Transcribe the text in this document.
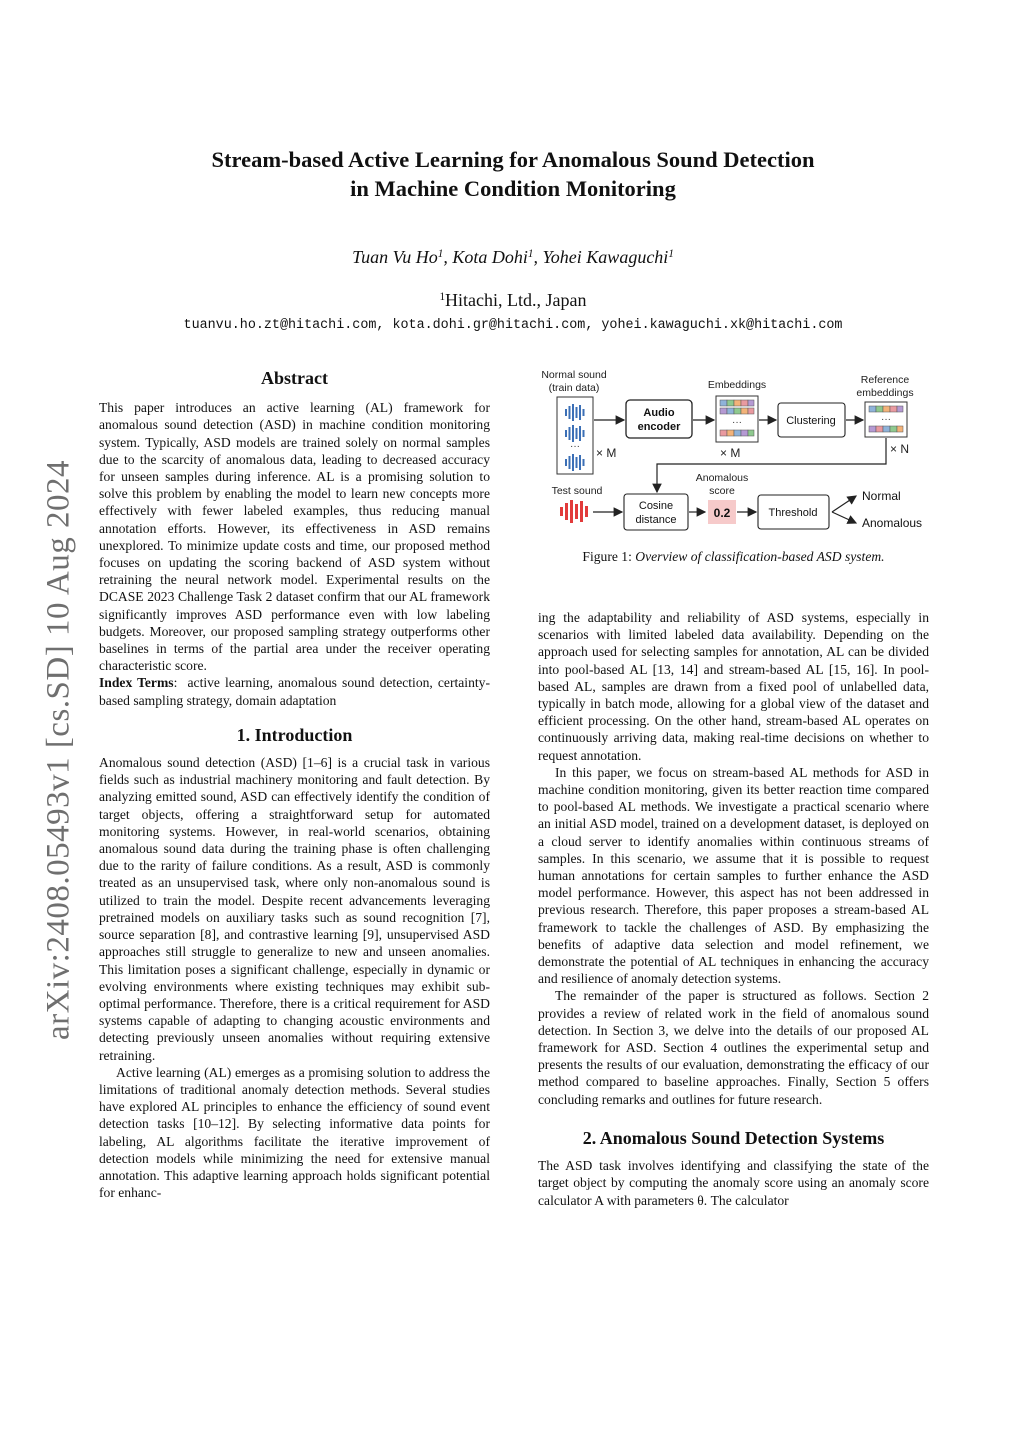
arXiv:2408.05493v1 [cs.SD] 10 Aug 2024
Stream-based Active Learning for Anomalous Sound Detection
in Machine Condition Monitoring
Tuan Vu Ho$^1$, Kota Dohi$^1$, Yohei Kawaguchi$^1$
$^1$Hitachi, Ltd., Japan
tuanvu.ho.zt@hitachi.com, kota.dohi.gr@hitachi.com, yohei.kawaguchi.xk@hitachi.com
Abstract

This paper introduces an active learning (AL) framework for anomalous sound detection (ASD) in machine condition monitoring system. Typically, ASD models are trained solely on normal samples due to the scarcity of anomalous data, leading to decreased accuracy for unseen samples during inference. AL is a promising solution to solve this problem by enabling the model to learn new concepts more effectively with fewer labeled examples, thus reducing manual annotation efforts. However, its effectiveness in ASD remains unexplored. To minimize update costs and time, our proposed method focuses on updating the scoring backend of ASD system without retraining the neural network model. Experimental results on the DCASE 2023 Challenge Task 2 dataset confirm that our AL framework significantly improves ASD performance even with low labeling budgets. Moreover, our proposed sampling strategy outperforms other baselines in terms of the partial area under the receiver operating characteristic score.

Index Terms:  active learning, anomalous sound detection, certainty-based sampling strategy, domain adaptation

1. Introduction

Anomalous sound detection (ASD) [1–6] is a crucial task in various fields such as industrial machinery monitoring and fault detection. By analyzing emitted sound, ASD can effectively identify the condition of target objects, offering a straightforward setup for automated monitoring systems. However, in real-world scenarios, obtaining anomalous sound data during the training phase is often challenging due to the rarity of failure conditions. As a result, ASD is commonly treated as an unsupervised task, where only non-anomalous sound is utilized to train the model. Despite recent advancements leveraging pretrained models on auxiliary tasks such as sound recognition [7], source separation [8], and contrastive learning [9], unsupervised ASD approaches still struggle to generalize to new and unseen anomalies. This limitation poses a significant challenge, especially in dynamic or evolving environments where existing techniques may exhibit sub-optimal performance. Therefore, there is a critical requirement for ASD systems capable of adapting to changing acoustic environments and detecting previously unseen anomalies without requiring extensive retraining.

Active learning (AL) emerges as a promising solution to address the limitations of traditional anomaly detection methods. Several studies have explored AL principles to enhance the efficiency of sound event detection tasks [10–12]. By selecting informative data points for labeling, AL algorithms facilitate the iterative improvement of detection models while minimizing the need for extensive manual annotation. This adaptive learning approach holds significant potential for enhanc-

Normal sound
(train data)
··· × M
Audio
encoder
Embeddings
···
× M
Clustering
Reference
embeddings
···
× N
Test sound
Cosine
distance
Anomalous
score
0.2	Threshold
Normal
Anomalous
Figure 1: Overview of classification-based ASD system.

ing the adaptability and reliability of ASD systems, especially in scenarios with limited labeled data availability. Depending on the approach used for selecting samples for annotation, AL can be divided into pool-based AL [13, 14] and stream-based AL [15, 16]. In pool-based AL, samples are drawn from a fixed pool of unlabelled data, typically in batch mode, allowing for a global view of the dataset and efficient processing. On the other hand, stream-based AL operates on continuously arriving data, making real-time decisions on whether to request annotation.

In this paper, we focus on stream-based AL methods for ASD in machine condition monitoring, given its better reaction time compared to pool-based AL methods. We investigate a practical scenario where an initial ASD model, trained on a development dataset, is deployed on a cloud server to identify anomalies within continuous streams of samples. In this scenario, we assume that it is possible to request human annotations for certain samples to further enhance the ASD model performance. However, this aspect has not been addressed in previous research. Therefore, this paper proposes a stream-based AL framework to tackle the challenges of ASD. By emphasizing the benefits of adaptive data selection and model refinement, we demonstrate the potential of AL techniques in enhancing the accuracy and resilience of anomaly detection systems.

The remainder of the paper is structured as follows. Section 2 provides a review of related work in the field of anomalous sound detection. In Section 3, we delve into the details of our proposed AL framework for ASD. Section 4 outlines the experimental setup and presents the results of our evaluation, demonstrating the efficacy of our method compared to baseline approaches. Finally, Section 5 offers concluding remarks and outlines for future research.

2. Anomalous Sound Detection Systems

The ASD task involves identifying and classifying the state of the target object by computing the anomaly score using an anomaly score calculator A with parameters θ. The calculator
